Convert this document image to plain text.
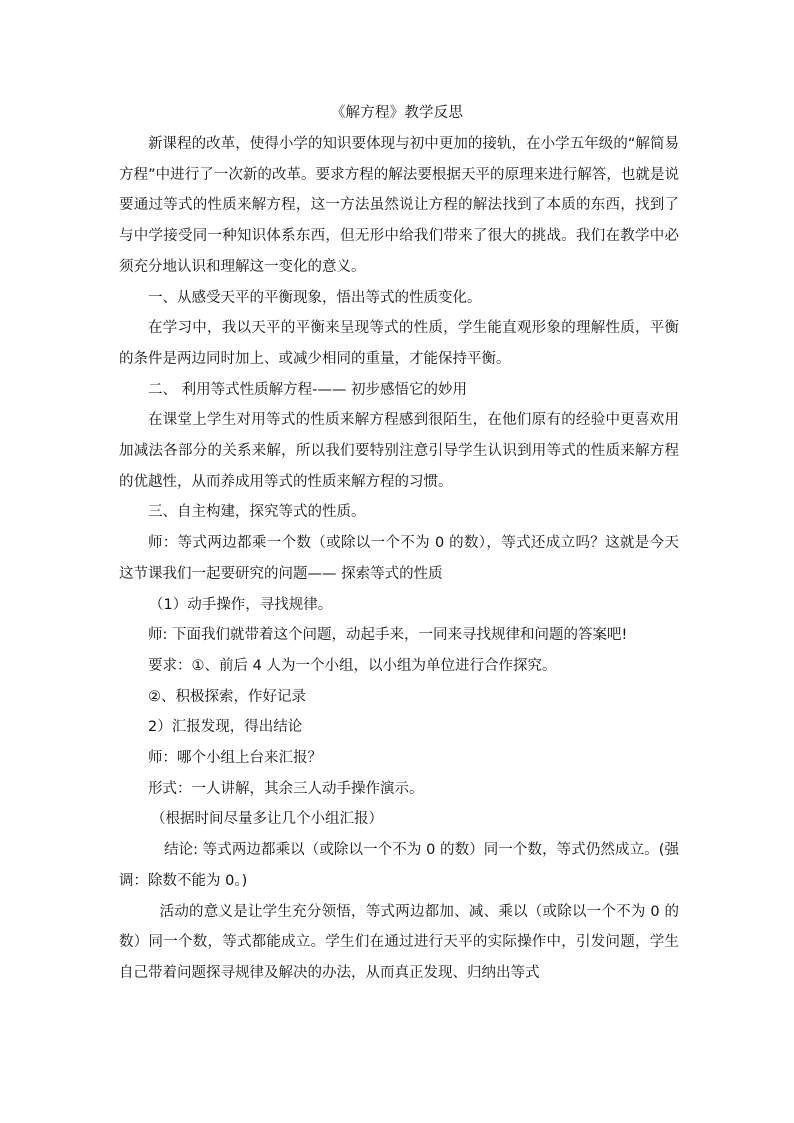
《解方程》教学反思

新课程的改革，使得小学的知识要体现与初中更加的接轨，在小学五年级的“解简易方程”中进行了一次新的改革。要求方程的解法要根据天平的原理来进行解答，也就是说要通过等式的性质来解方程，这一方法虽然说让方程的解法找到了本质的东西，找到了与中学接受同一种知识体系东西，但无形中给我们带来了很大的挑战。我们在教学中必须充分地认识和理解这一变化的意义。

一、从感受天平的平衡现象，悟出等式的性质变化。

在学习中，我以天平的平衡来呈现等式的性质，学生能直观形象的理解性质，平衡的条件是两边同时加上、或减少相同的重量，才能保持平衡。

二、 利用等式性质解方程-—— 初步感悟它的妙用

在课堂上学生对用等式的性质来解方程感到很陌生，在他们原有的经验中更喜欢用加减法各部分的关系来解，所以我们要特别注意引导学生认识到用等式的性质来解方程的优越性，从而养成用等式的性质来解方程的习惯。

三、自主构建，探究等式的性质。

师：等式两边都乘一个数（或除以一个不为 0 的数），等式还成立吗？这就是今天这节课我们一起要研究的问题—— 探索等式的性质

（1）动手操作，寻找规律。

师: 下面我们就带着这个问题，动起手来，一同来寻找规律和问题的答案吧!

要求：①、前后 4 人为一个小组，以小组为单位进行合作探究。

②、积极探索，作好记录

2）汇报发现，得出结论

师：哪个小组上台来汇报？

形式：一人讲解，其余三人动手操作演示。

（根据时间尽量多让几个小组汇报）

结论: 等式两边都乘以（或除以一个不为 0 的数）同一个数，等式仍然成立。(强调：除数不能为 0。)

活动的意义是让学生充分领悟，等式两边都加、减、乘以（或除以一个不为 0 的数）同一个数，等式都能成立。学生们在通过进行天平的实际操作中，引发问题，学生自己带着问题探寻规律及解决的办法，从而真正发现、归纳出等式
